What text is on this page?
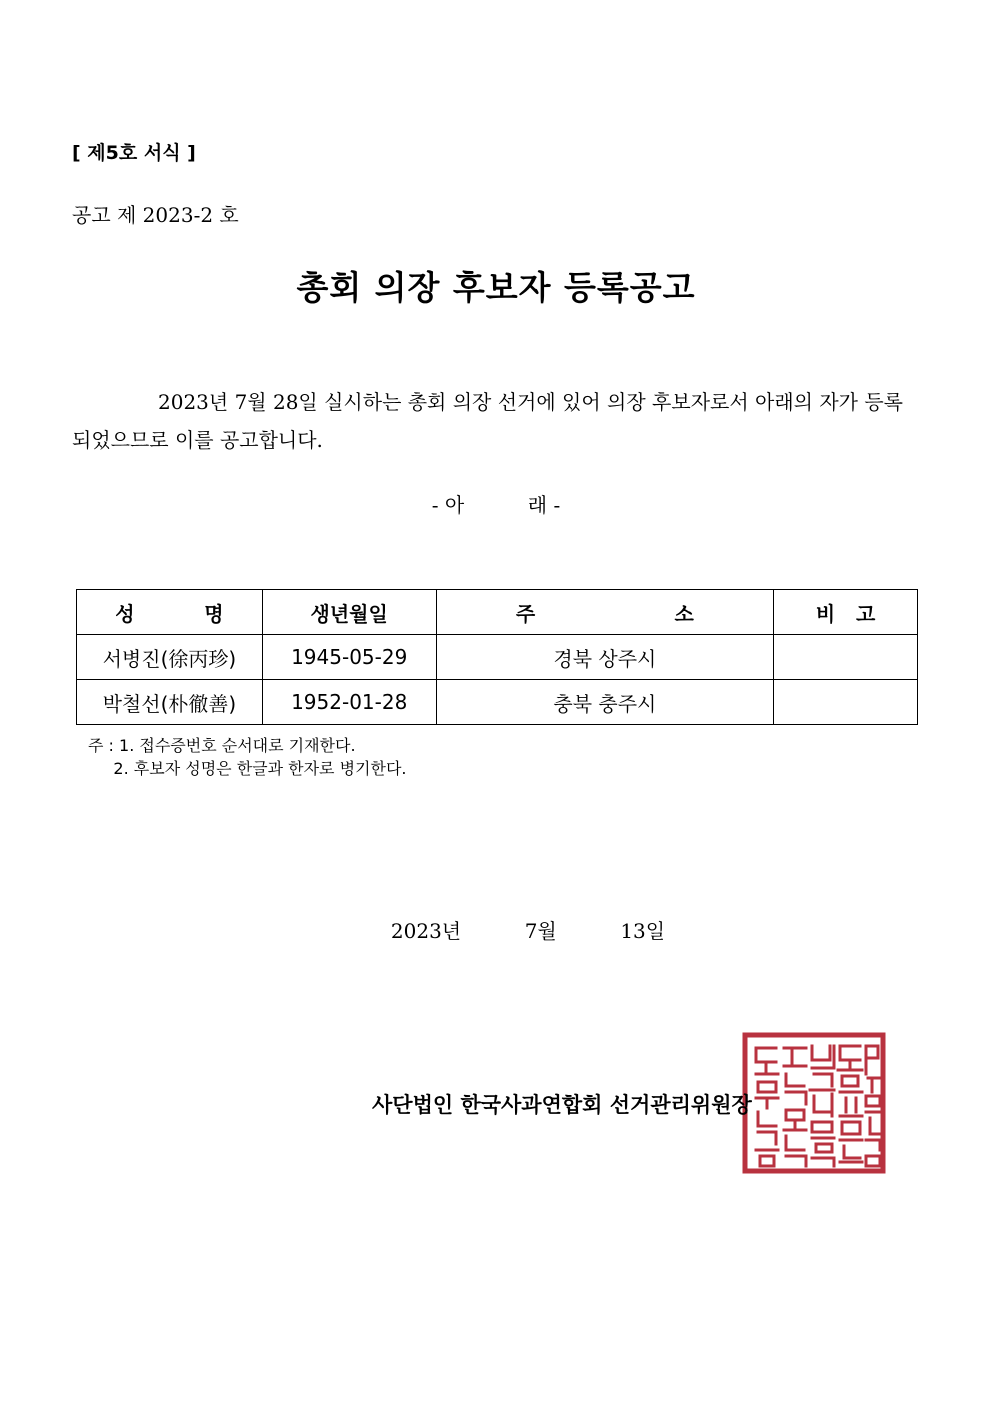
[ 제5호 서식 ]
공고 제 2023-2 호
총회 의장 후보자 등록공고
2023년 7월 28일 실시하는 총회 의장 선거에 있어 의장 후보자로서 아래의 자가 등록되었으므로 이를 공고합니다.
- 아          래 -
성          명	생년월일	주                    소	비   고
서병진(徐丙珍)	1945-05-29	경북 상주시	
박철선(朴徹善)	1952-01-28	충북 충주시	
주 : 1. 접수증번호 순서대로 기재한다.
2. 후보자 성명은 한글과 한자로 병기한다.
2023년          7월          13일
사단법인 한국사과연합회 선거관리위원장
